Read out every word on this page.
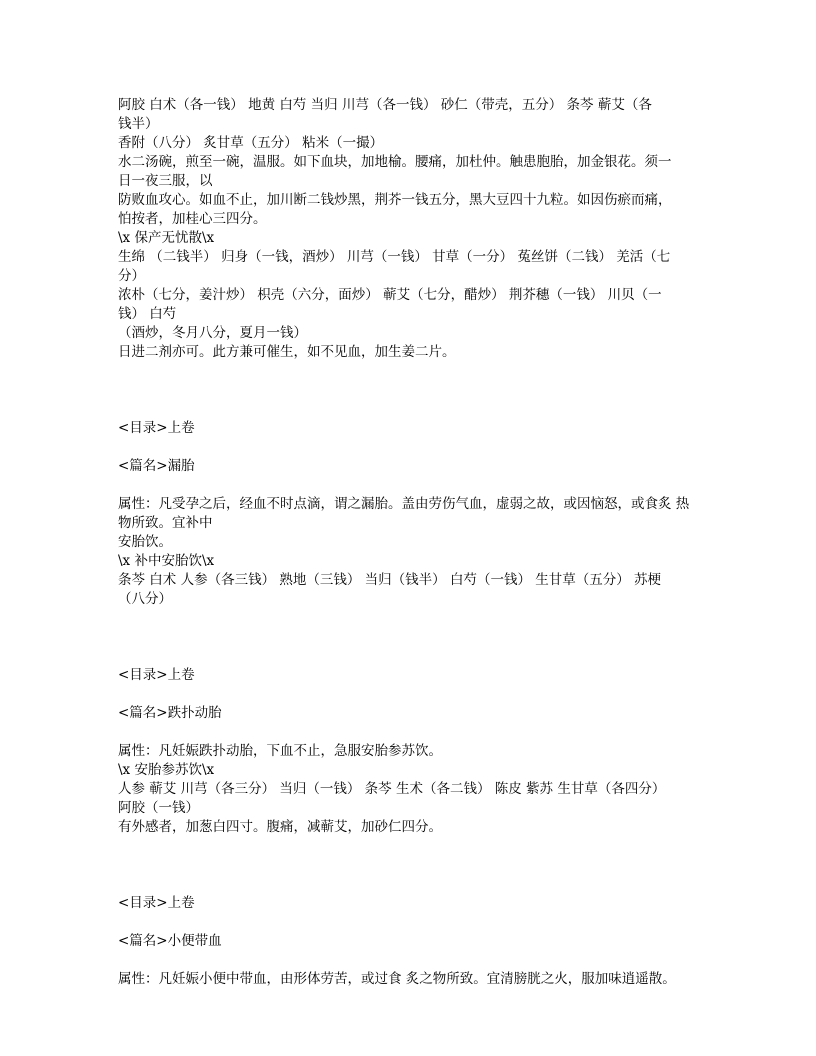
阿胶 白术（各一钱） 地黄 白芍 当归 川芎（各一钱） 砂仁（带壳，五分） 条芩 蕲艾（各
钱半）
香附（八分） 炙甘草（五分） 粘米（一撮）
水二汤碗，煎至一碗，温服。如下血块，加地榆。腰痛，加杜仲。触患胞胎，加金银花。须一
日一夜三服，以
防败血攻心。如血不止，加川断二钱炒黑，荆芥一钱五分，黑大豆四十九粒。如因伤瘀而痛，
怕按者，加桂心三四分。
\x 保产无忧散\x
生绵 （二钱半） 归身（一钱，酒炒） 川芎（一钱） 甘草（一分） 菟丝饼（二钱） 羌活（七
分）
浓朴（七分，姜汁炒） 枳壳（六分，面炒） 蕲艾（七分，醋炒） 荆芥穗（一钱） 川贝（一
钱） 白芍
（酒炒，冬月八分，夏月一钱）
日进二剂亦可。此方兼可催生，如不见血，加生姜二片。
<目录>上卷
<篇名>漏胎
属性：凡受孕之后，经血不时点滴，谓之漏胎。盖由劳伤气血，虚弱之故，或因恼怒，或食炙 热
物所致。宜补中
安胎饮。
\x 补中安胎饮\x
条芩 白术 人参（各三钱） 熟地（三钱） 当归（钱半） 白芍（一钱） 生甘草（五分） 苏梗
（八分）
<目录>上卷
<篇名>跌扑动胎
属性：凡妊娠跌扑动胎，下血不止，急服安胎参苏饮。
\x 安胎参苏饮\x
人参 蕲艾 川芎（各三分） 当归（一钱） 条芩 生术（各二钱） 陈皮 紫苏 生甘草（各四分）
阿胶（一钱）
有外感者，加葱白四寸。腹痛，减蕲艾，加砂仁四分。
<目录>上卷
<篇名>小便带血
属性：凡妊娠小便中带血，由形体劳苦，或过食 炙之物所致。宜清膀胱之火，服加味逍遥散。
